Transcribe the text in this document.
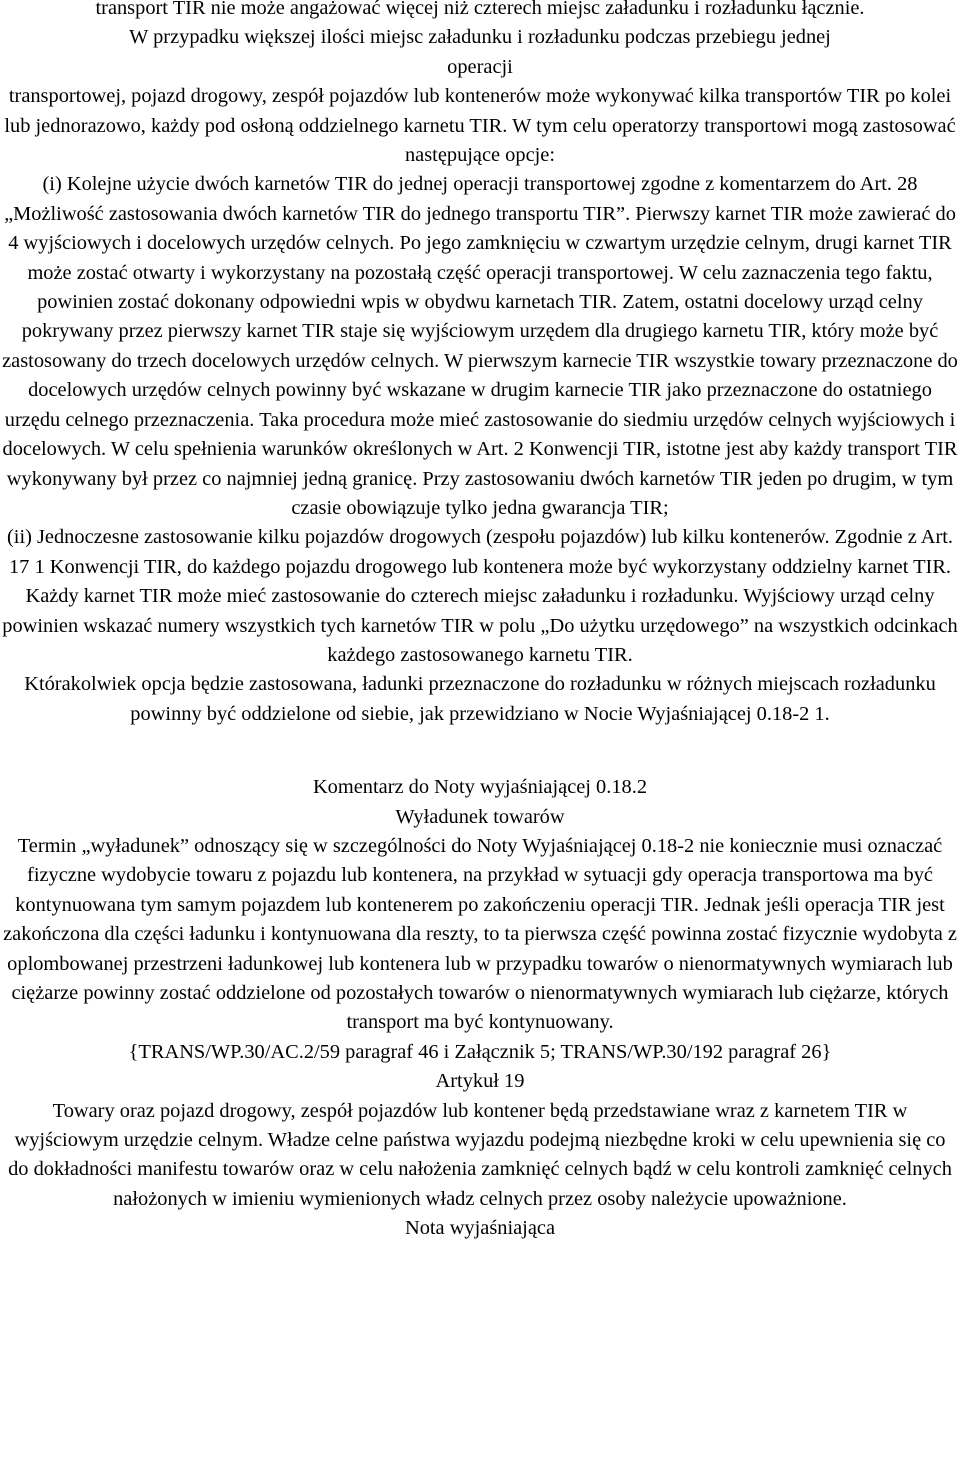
transport TIR nie może angażować więcej niż czterech miejsc załadunku i rozładunku łącznie.

W przypadku większej ilości miejsc załadunku i rozładunku podczas przebiegu jednej

operacji

transportowej, pojazd drogowy, zespół pojazdów lub kontenerów może wykonywać kilka transportów TIR po kolei lub jednorazowo, każdy pod osłoną oddzielnego karnetu TIR. W tym celu operatorzy transportowi mogą zastosować następujące opcje:

(i) Kolejne użycie dwóch karnetów TIR do jednej operacji transportowej zgodne z komentarzem do Art. 28 „Możliwość zastosowania dwóch karnetów TIR do jednego transportu TIR”. Pierwszy karnet TIR może zawierać do 4 wyjściowych i docelowych urzędów celnych. Po jego zamknięciu w czwartym urzędzie celnym, drugi karnet TIR może zostać otwarty i wykorzystany na pozostałą część operacji transportowej. W celu zaznaczenia tego faktu, powinien zostać dokonany odpowiedni wpis w obydwu karnetach TIR. Zatem, ostatni docelowy urząd celny pokrywany przez pierwszy karnet TIR staje się wyjściowym urzędem dla drugiego karnetu TIR, który może być zastosowany do trzech docelowych urzędów celnych. W pierwszym karnecie TIR wszystkie towary przeznaczone do docelowych urzędów celnych powinny być wskazane w drugim karnecie TIR jako przeznaczone do ostatniego urzędu celnego przeznaczenia. Taka procedura może mieć zastosowanie do siedmiu urzędów celnych wyjściowych i docelowych. W celu spełnienia warunków określonych w Art. 2 Konwencji TIR, istotne jest aby każdy transport TIR wykonywany był przez co najmniej jedną granicę. Przy zastosowaniu dwóch karnetów TIR jeden po drugim, w tym czasie obowiązuje tylko jedna gwarancja TIR;

(ii) Jednoczesne zastosowanie kilku pojazdów drogowych (zespołu pojazdów) lub kilku kontenerów. Zgodnie z Art. 17 1 Konwencji TIR, do każdego pojazdu drogowego lub kontenera może być wykorzystany oddzielny karnet TIR. Każdy karnet TIR może mieć zastosowanie do czterech miejsc załadunku i rozładunku. Wyjściowy urząd celny powinien wskazać numery wszystkich tych karnetów TIR w polu „Do użytku urzędowego” na wszystkich odcinkach każdego zastosowanego karnetu TIR.

Którakolwiek opcja będzie zastosowana, ładunki przeznaczone do rozładunku w różnych miejscach rozładunku powinny być oddzielone od siebie, jak przewidziano w Nocie Wyjaśniającej 0.18-2 1.

Komentarz do Noty wyjaśniającej 0.18.2

Wyładunek towarów

Termin „wyładunek” odnoszący się w szczególności do Noty Wyjaśniającej 0.18-2 nie koniecznie musi oznaczać fizyczne wydobycie towaru z pojazdu lub kontenera, na przykład w sytuacji gdy operacja transportowa ma być kontynuowana tym samym pojazdem lub kontenerem po zakończeniu operacji TIR. Jednak jeśli operacja TIR jest zakończona dla części ładunku i kontynuowana dla reszty, to ta pierwsza część powinna zostać fizycznie wydobyta z oplombowanej przestrzeni ładunkowej lub kontenera lub w przypadku towarów o nienormatywnych wymiarach lub ciężarze powinny zostać oddzielone od pozostałych towarów o nienormatywnych wymiarach lub ciężarze, których transport ma być kontynuowany.

{TRANS/WP.30/AC.2/59 paragraf 46 i Załącznik 5; TRANS/WP.30/192 paragraf 26}

Artykuł 19

Towary oraz pojazd drogowy, zespół pojazdów lub kontener będą przedstawiane wraz z karnetem TIR w wyjściowym urzędzie celnym. Władze celne państwa wyjazdu podejmą niezbędne kroki w celu upewnienia się co do dokładności manifestu towarów oraz w celu nałożenia zamknięć celnych bądź w celu kontroli zamknięć celnych nałożonych w imieniu wymienionych władz celnych przez osoby należycie upoważnione.

Nota wyjaśniająca
